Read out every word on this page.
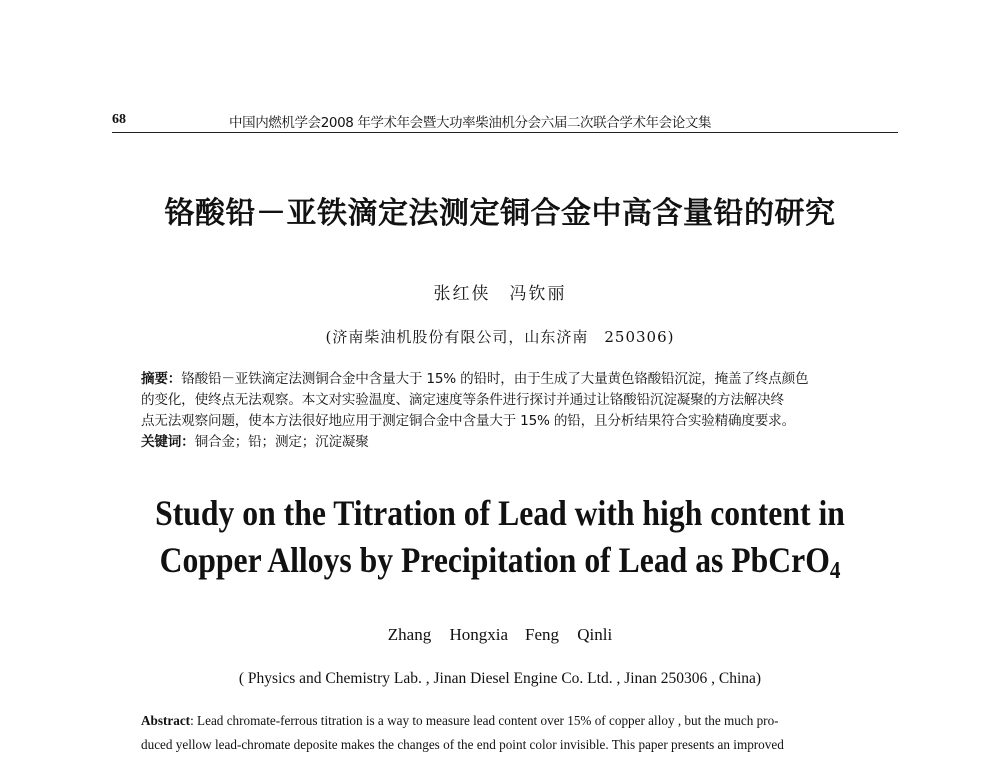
68	中国内燃机学会2008 年学术年会暨大功率柴油机分会六届二次联合学术年会论文集
铬酸铅－亚铁滴定法测定铜合金中高含量铅的研究
张红侠　冯钦丽
(济南柴油机股份有限公司，山东济南　250306)
摘要：铬酸铅－亚铁滴定法测铜合金中含量大于 15% 的铅时，由于生成了大量黄色铬酸铅沉淀，掩盖了终点颜色
的变化，使终点无法观察。本文对实验温度、滴定速度等条件进行探讨并通过让铬酸铅沉淀凝聚的方法解决终
点无法观察问题，使本方法很好地应用于测定铜合金中含量大于 15% 的铅，且分析结果符合实验精确度要求。
关键词：铜合金；铅；测定；沉淀凝聚
Study on the Titration of Lead with high content in
Copper Alloys by Precipitation of Lead as PbCrO$_4$
Zhang Hongxia　Feng Qinli
( Physics and Chemistry Lab. , Jinan Diesel Engine Co. Ltd. , Jinan 250306 , China)
Abstract: Lead chromate-ferrous titration is a way to measure lead content over 15% of copper alloy , but the much pro-
duced yellow lead-chromate deposite makes the changes of the end point color invisible. This paper presents an improved
